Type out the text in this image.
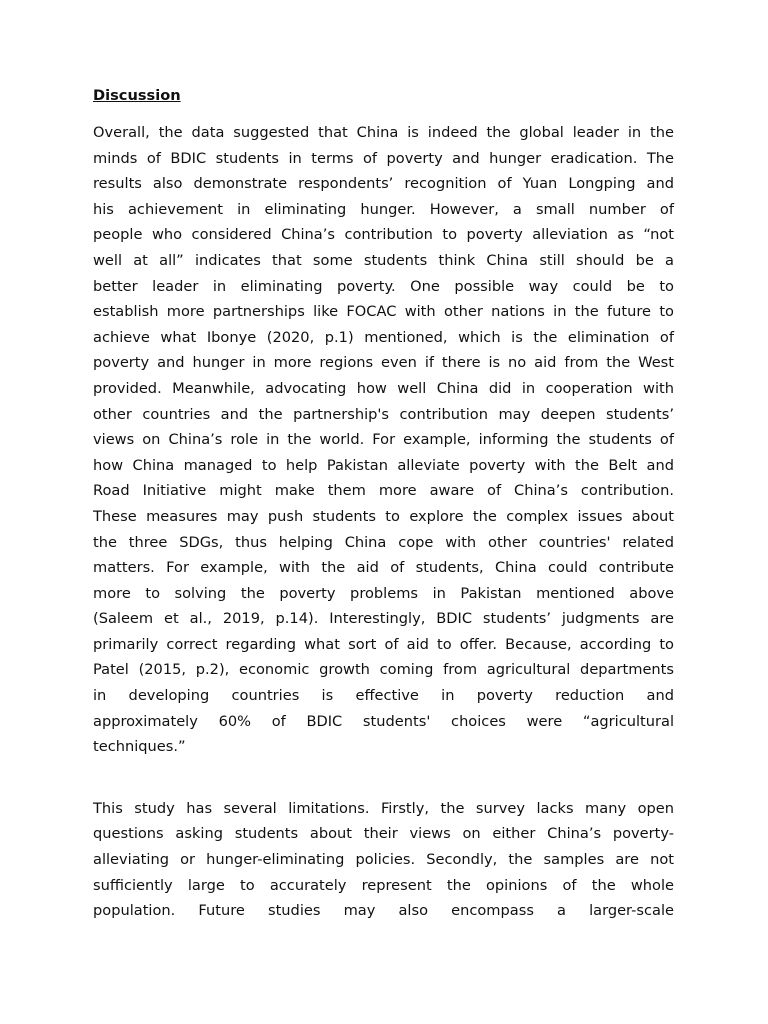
Discussion
Overall, the data suggested that China is indeed the global leader in the
minds of BDIC students in terms of poverty and hunger eradication. The
results also demonstrate respondents’ recognition of Yuan Longping and
his achievement in eliminating hunger. However, a small number of
people who considered China’s contribution to poverty alleviation as “not
well at all” indicates that some students think China still should be a
better leader in eliminating poverty. One possible way could be to
establish more partnerships like FOCAC with other nations in the future to
achieve what Ibonye (2020, p.1) mentioned, which is the elimination of
poverty and hunger in more regions even if there is no aid from the West
provided. Meanwhile, advocating how well China did in cooperation with
other countries and the partnership's contribution may deepen students’
views on China’s role in the world. For example, informing the students of
how China managed to help Pakistan alleviate poverty with the Belt and
Road Initiative might make them more aware of China’s contribution.
These measures may push students to explore the complex issues about
the three SDGs, thus helping China cope with other countries' related
matters. For example, with the aid of students, China could contribute
more to solving the poverty problems in Pakistan mentioned above
(Saleem et al., 2019, p.14). Interestingly, BDIC students’ judgments are
primarily correct regarding what sort of aid to offer. Because, according to
Patel (2015, p.2), economic growth coming from agricultural departments
in developing countries is effective in poverty reduction and
approximately 60% of BDIC students' choices were “agricultural
techniques.”
This study has several limitations. Firstly, the survey lacks many open
questions asking students about their views on either China’s poverty-
alleviating or hunger-eliminating policies. Secondly, the samples are not
sufficiently large to accurately represent the opinions of the whole
population. Future studies may also encompass a larger-scale
